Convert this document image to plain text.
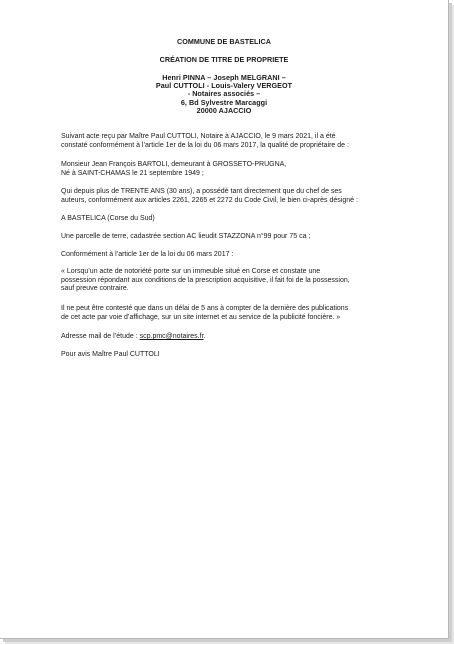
COMMUNE DE BASTELICA
CRÉATION DE TITRE DE PROPRIETE
Henri PINNA – Joseph MELGRANI –
Paul CUTTOLI - Louis-Valery VERGEOT
- Notaires associés –
6, Bd Sylvestre Marcaggi
20000 AJACCIO
Suivant acte reçu par Maître Paul CUTTOLI, Notaire à AJACCIO, le 9 mars 2021, il a été
constaté conformément à l’article 1er de la loi du 06 mars 2017, la qualité de propriétaire de :
Monsieur Jean François BARTOLI, demeurant à GROSSETO-PRUGNA,
Né à SAINT-CHAMAS le 21 septembre 1949 ;
Qui depuis plus de TRENTE ANS (30 ans), a possédé tant directement que du chef de ses
auteurs, conformément aux articles 2261, 2265 et 2272 du Code Civil, le bien ci-après désigné :
A BASTELICA (Corse du Sud)
Une parcelle de terre, cadastrée section AC lieudit STAZZONA n°99 pour 75 ca ;
Conformément à l’article 1er de la loi du 06 mars 2017 :
« Lorsqu’un acte de notoriété porte sur un immeuble situé en Corse et constate une
possession répondant aux conditions de la prescription acquisitive, il fait foi de la possession,
sauf preuve contraire.
Il ne peut être contesté que dans un délai de 5 ans à compter de la dernière des publications
de cet acte par voie d’affichage, sur un site internet et au service de la publicité foncière. »
Adresse mail de l’étude : scp.pmc@notaires.fr.
Pour avis Maître Paul CUTTOLI
